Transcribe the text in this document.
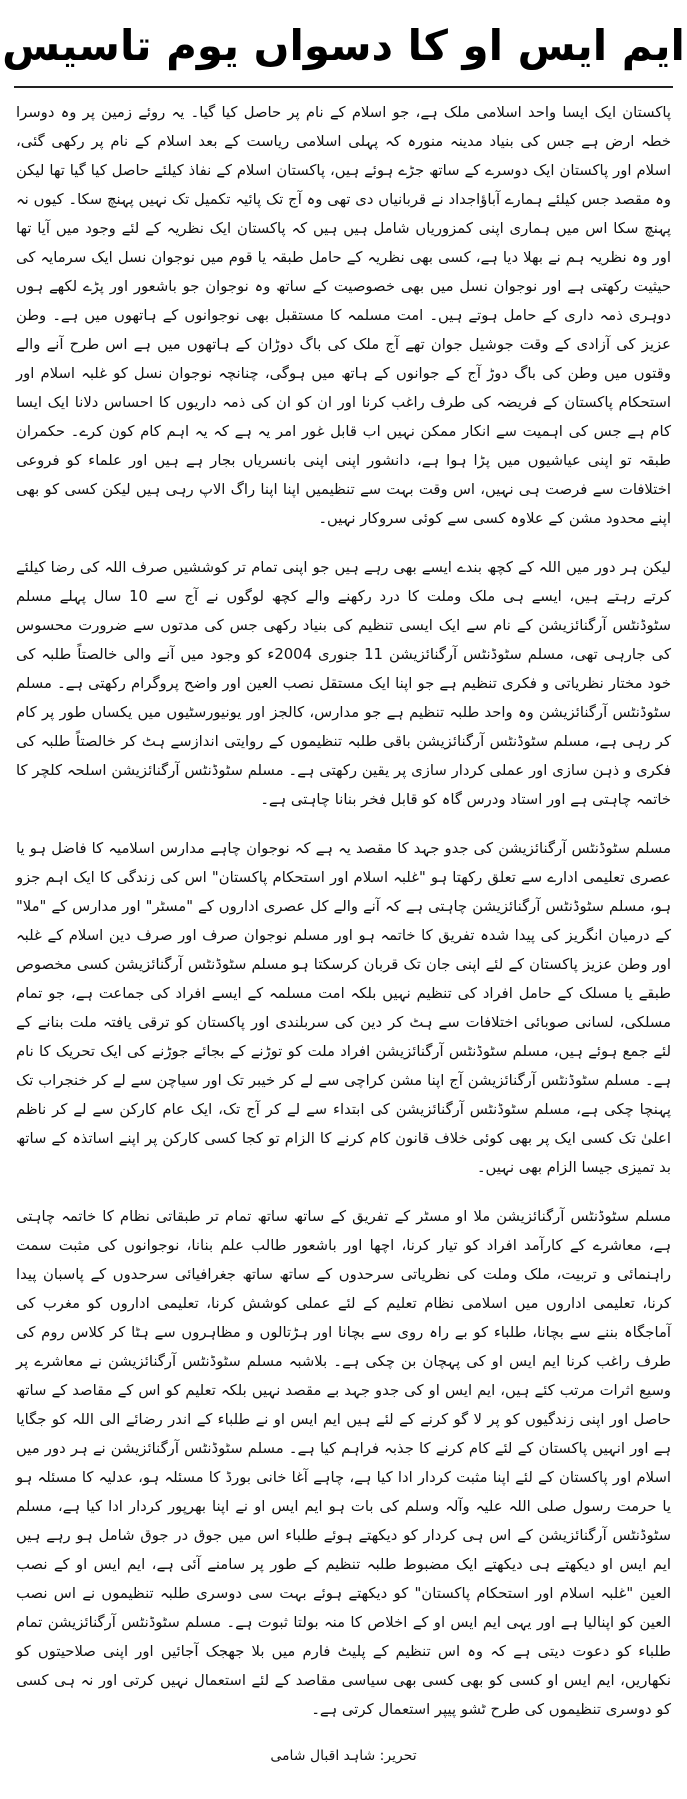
ایم ایس او کا دسواں یوم تاسیس

پاکستان ایک ایسا واحد اسلامی ملک ہے، جو اسلام کے نام پر حاصل کیا گیا۔ یہ روئے زمین پر وہ دوسرا خطہ ارض ہے جس کی بنیاد مدینہ منورہ کہ پہلی اسلامی ریاست کے بعد اسلام کے نام پر رکھی گئی، اسلام اور پاکستان ایک دوسرے کے ساتھ جڑے ہوئے ہیں، پاکستان اسلام کے نفاذ کیلئے حاصل کیا گیا تھا لیکن وہ مقصد جس کیلئے ہمارے آباؤاجداد نے قربانیاں دی تھی وہ آج تک پائیہ تکمیل تک نہیں پہنچ سکا۔ کیوں نہ پہنچ سکا اس میں ہماری اپنی کمزوریاں شامل ہیں ہیں کہ پاکستان ایک نظریہ کے لئے وجود میں آیا تھا اور وہ نظریہ ہم نے بھلا دیا ہے، کسی بھی نظریہ کے حامل طبقہ یا قوم میں نوجوان نسل ایک سرمایہ کی حیثیت رکھتی ہے اور نوجوان نسل میں بھی خصوصیت کے ساتھ وہ نوجوان جو باشعور اور پڑے لکھے ہوں دوہری ذمہ داری کے حامل ہوتے ہیں۔ امت مسلمہ کا مستقبل بھی نوجوانوں کے ہاتھوں میں ہے۔ وطن عزیز کی آزادی کے وقت جوشیل جوان تھے آج ملک کی باگ دوڑان کے ہاتھوں میں ہے اس طرح آنے والے وقتوں میں وطن کی باگ دوڑ آج کے جوانوں کے ہاتھ میں ہوگی، چنانچہ نوجوان نسل کو غلبہ اسلام اور استحکام پاکستان کے فریضہ کی طرف راغب کرنا اور ان کو ان کی ذمہ داریوں کا احساس دلانا ایک ایسا کام ہے جس کی اہمیت سے انکار ممکن نہیں اب قابل غور امر یہ ہے کہ یہ اہم کام کون کرے۔ حکمران طبقہ تو اپنی عیاشیوں میں پڑا ہوا ہے، دانشور اپنی اپنی بانسریاں بجار ہے ہیں اور علماء کو فروعی اختلافات سے فرصت ہی نہیں، اس وقت بہت سے تنظیمیں اپنا اپنا راگ الاپ رہی ہیں لیکن کسی کو بھی اپنے محدود مشن کے علاوہ کسی سے کوئی سروکار نہیں۔

لیکن ہر دور میں اللہ کے کچھ بندے ایسے بھی رہے ہیں جو اپنی تمام تر کوششیں صرف اللہ کی رضا کیلئے کرتے رہتے ہیں، ایسے ہی ملک وملت کا درد رکھنے والے کچھ لوگوں نے آج سے 10 سال پہلے مسلم سٹوڈنٹس آرگنائزیشن کے نام سے ایک ایسی تنظیم کی بنیاد رکھی جس کی مدتوں سے ضرورت محسوس کی جارہی تھی، مسلم سٹوڈنٹس آرگنائزیشن 11 جنوری 2004ء کو وجود میں آنے والی خالصتاً طلبہ کی خود مختار نظریاتی و فکری تنظیم ہے جو اپنا ایک مستقل نصب العین اور واضح پروگرام رکھتی ہے۔ مسلم سٹوڈنٹس آرگنائزیشن وہ واحد طلبہ تنظیم ہے جو مدارس، کالجز اور یونیورسٹیوں میں یکساں طور پر کام کر رہی ہے، مسلم سٹوڈنٹس آرگنائزیشن باقی طلبہ تنظیموں کے روایتی اندازسے ہٹ کر خالصتاً طلبہ کی فکری و ذہن سازی اور عملی کردار سازی پر یقین رکھتی ہے۔ مسلم سٹوڈنٹس آرگنائزیشن اسلحہ کلچر کا خاتمہ چاہتی ہے اور استاد ودرس گاہ کو قابل فخر بنانا چاہتی ہے۔

مسلم سٹوڈنٹس آرگنائزیشن کی جدو جہد کا مقصد یہ ہے کہ نوجوان چاہے مدارس اسلامیہ کا فاضل ہو یا عصری تعلیمی ادارے سے تعلق رکھتا ہو "غلبہ اسلام اور استحکام پاکستان" اس کی زندگی کا ایک اہم جزو ہو، مسلم سٹوڈنٹس آرگنائزیشن چاہتی ہے کہ آنے والے کل عصری اداروں کے "مسٹر" اور مدارس کے "ملا" کے درمیان انگریز کی پیدا شدہ تفریق کا خاتمہ ہو اور مسلم نوجوان صرف اور صرف دین اسلام کے غلبہ اور وطن عزیز پاکستان کے لئے اپنی جان تک قربان کرسکتا ہو مسلم سٹوڈنٹس آرگنائزیشن کسی مخصوص طبقے یا مسلک کے حامل افراد کی تنظیم نہیں بلکہ امت مسلمہ کے ایسے افراد کی جماعت ہے، جو تمام مسلکی، لسانی صوبائی اختلافات سے ہٹ کر دین کی سربلندی اور پاکستان کو ترقی یافتہ ملت بنانے کے لئے جمع ہوئے ہیں، مسلم سٹوڈنٹس آرگنائزیشن افراد ملت کو توڑنے کے بجائے جوڑنے کی ایک تحریک کا نام ہے۔ مسلم سٹوڈنٹس آرگنائزیشن آج اپنا مشن کراچی سے لے کر خیبر تک اور سیاچن سے لے کر خنجراب تک پہنچا چکی ہے، مسلم سٹوڈنٹس آرگنائزیشن کی ابتداء سے لے کر آج تک، ایک عام کارکن سے لے کر ناظم اعلیٰ تک کسی ایک پر بھی کوئی خلاف قانون کام کرنے کا الزام تو کجا کسی کارکن پر اپنے اساتذہ کے ساتھ بد تمیزی جیسا الزام بھی نہیں۔

مسلم سٹوڈنٹس آرگنائزیشن ملا او مسٹر کے تفریق کے ساتھ ساتھ تمام تر طبقاتی نظام کا خاتمہ چاہتی ہے، معاشرے کے کارآمد افراد کو تیار کرنا، اچھا اور باشعور طالب علم بنانا، نوجوانوں کی مثبت سمت راہنمائی و تربیت، ملک وملت کی نظریاتی سرحدوں کے ساتھ ساتھ جغرافیائی سرحدوں کے پاسبان پیدا کرنا، تعلیمی اداروں میں اسلامی نظام تعلیم کے لئے عملی کوشش کرنا، تعلیمی اداروں کو مغرب کی آماجگاہ بننے سے بچانا، طلباء کو بے راہ روی سے بچانا اور ہڑتالوں و مظاہروں سے ہٹا کر کلاس روم کی طرف راغب کرنا ایم ایس او کی پہچان بن چکی ہے۔ بلاشبہ مسلم سٹوڈنٹس آرگنائزیشن نے معاشرے پر وسیع اثرات مرتب کئے ہیں، ایم ایس او کی جدو جہد بے مقصد نہیں بلکہ تعلیم کو اس کے مقاصد کے ساتھ حاصل اور اپنی زندگیوں کو پر لا گو کرنے کے لئے ہیں ایم ایس او نے طلباء کے اندر رضائے الی اللہ کو جگایا ہے اور انہیں پاکستان کے لئے کام کرنے کا جذبہ فراہم کیا ہے۔ مسلم سٹوڈنٹس آرگنائزیشن نے ہر دور میں اسلام اور پاکستان کے لئے اپنا مثبت کردار ادا کیا ہے، چاہے آغا خانی بورڈ کا مسئلہ ہو، عدلیہ کا مسئلہ ہو یا حرمت رسول صلی اللہ علیہ وآلہ وسلم کی بات ہو ایم ایس او نے اپنا بھرپور کردار ادا کیا ہے، مسلم سٹوڈنٹس آرگنائزیشن کے اس ہی کردار کو دیکھتے ہوئے طلباء اس میں جوق در جوق شامل ہو رہے ہیں ایم ایس او دیکھتے ہی دیکھتے ایک مضبوط طلبہ تنظیم کے طور پر سامنے آئی ہے، ایم ایس او کے نصب العین "غلبہ اسلام اور استحکام پاکستان" کو دیکھتے ہوئے بہت سی دوسری طلبہ تنظیموں نے اس نصب العین کو اپنالیا ہے اور یہی ایم ایس او کے اخلاص کا منہ بولتا ثبوت ہے۔ مسلم سٹوڈنٹس آرگنائزیشن تمام طلباء کو دعوت دیتی ہے کہ وہ اس تنظیم کے پلیٹ فارم میں بلا جھجک آجائیں اور اپنی صلاحیتوں کو نکھاریں، ایم ایس او کسی کو بھی کسی بھی سیاسی مقاصد کے لئے استعمال نہیں کرتی اور نہ ہی کسی کو دوسری تنظیموں کی طرح ٹشو پیپر استعمال کرتی ہے۔

تحریر: شاہد اقبال شامی
